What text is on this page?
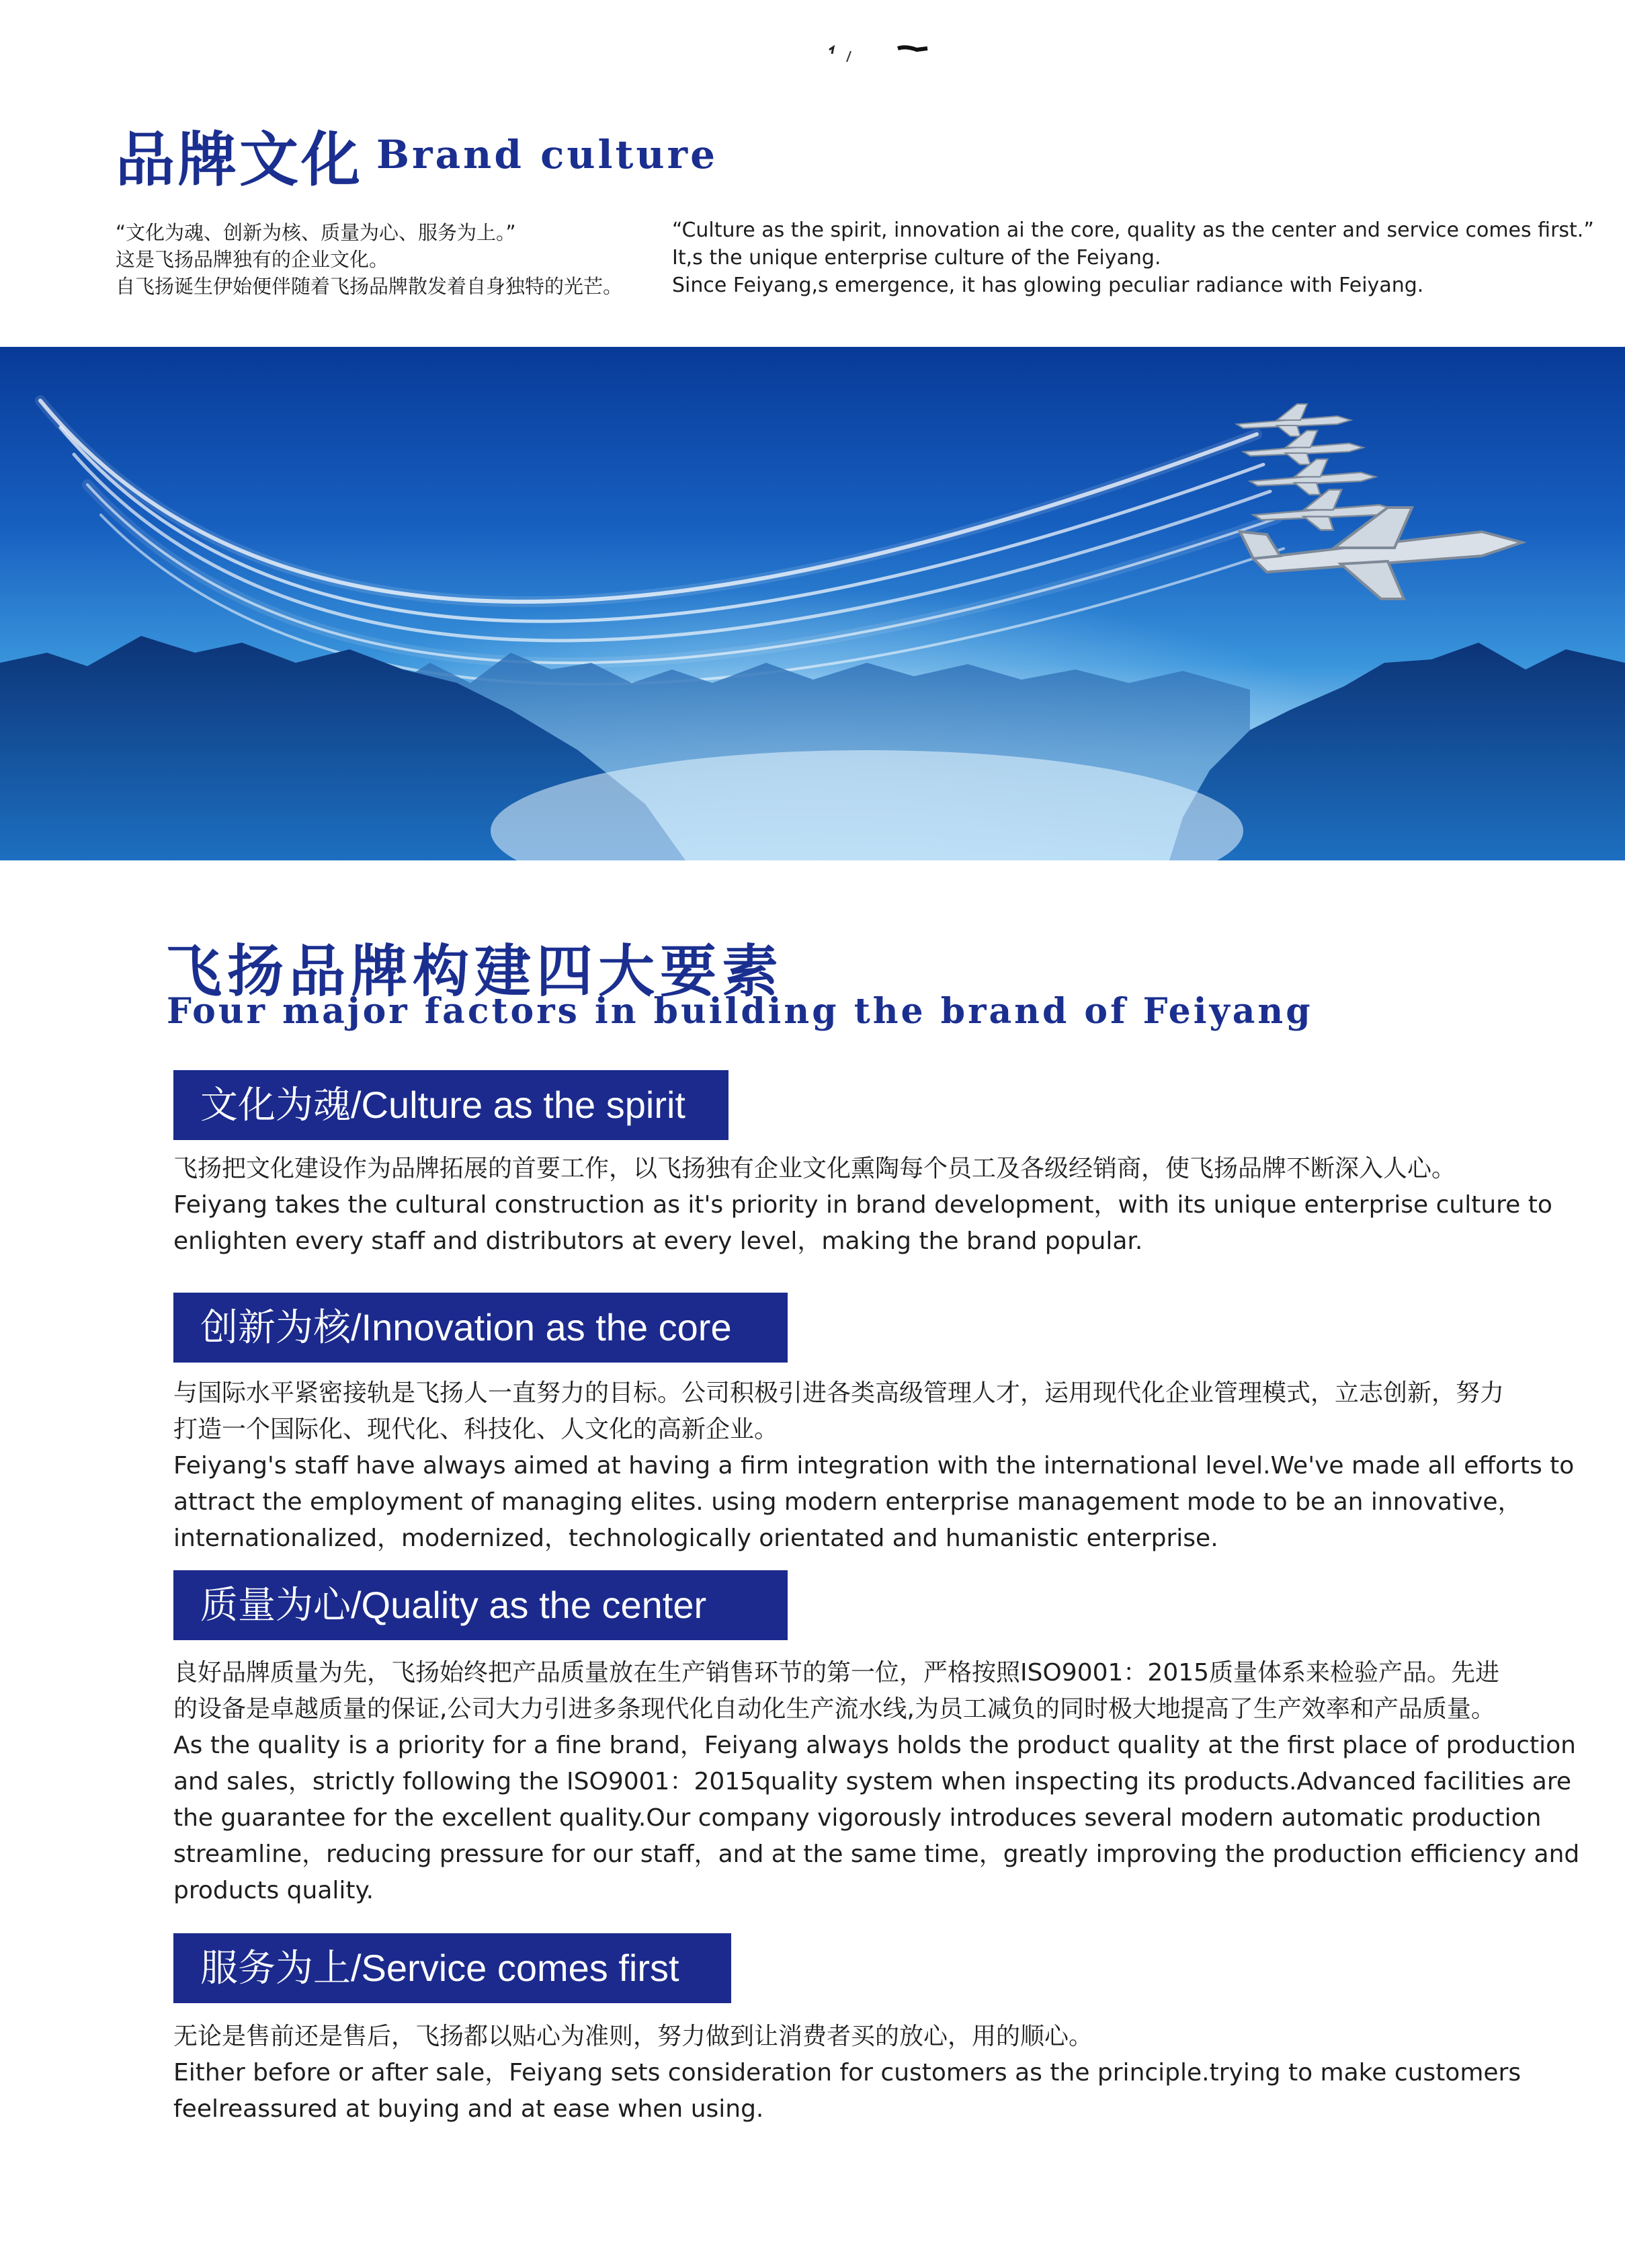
品牌文化 Brand culture
“文化为魂、创新为核、质量为心、服务为上。”
这是飞扬品牌独有的企业文化。
自飞扬诞生伊始便伴随着飞扬品牌散发着自身独特的光芒。
“Culture as the spirit, innovation ai the core, quality as the center and service comes first.”
It,s the unique enterprise culture of the Feiyang.
Since Feiyang,s emergence, it has glowing peculiar radiance with Feiyang.
飞扬品牌构建四大要素
Four major factors in building the brand of Feiyang
文化为魂/Culture as the spirit
飞扬把文化建设作为品牌拓展的首要工作，以飞扬独有企业文化熏陶每个员工及各级经销商，使飞扬品牌不断深入人心。
Feiyang takes the cultural construction as it's priority in brand development，with its unique enterprise culture to
enlighten every staff and distributors at every level，making the brand popular.
创新为核/Innovation as the core
与国际水平紧密接轨是飞扬人一直努力的目标。公司积极引进各类高级管理人才，运用现代化企业管理模式，立志创新，努力
打造一个国际化、现代化、科技化、人文化的高新企业。
Feiyang's staff have always aimed at having a firm integration with the international level.We've made all efforts to
attract the employment of managing elites. using modern enterprise management mode to be an innovative，
internationalized，modernized，technologically orientated and humanistic enterprise.
质量为心/Quality as the center
良好品牌质量为先，飞扬始终把产品质量放在生产销售环节的第一位，严格按照ISO9001：2015质量体系来检验产品。先进
的设备是卓越质量的保证,公司大力引进多条现代化自动化生产流水线,为员工减负的同时极大地提高了生产效率和产品质量。
As the quality is a priority for a fine brand，Feiyang always holds the product quality at the first place of production
and sales，strictly following the ISO9001：2015quality system when inspecting its products.Advanced facilities are
the guarantee for the excellent quality.Our company vigorously introduces several modern automatic production
streamline，reducing pressure for our staff，and at the same time，greatly improving the production efficiency and
products quality.
服务为上/Service comes first
无论是售前还是售后，飞扬都以贴心为准则，努力做到让消费者买的放心，用的顺心。
Either before or after sale，Feiyang sets consideration for customers as the principle.trying to make customers
feelreassured at buying and at ease when using.
